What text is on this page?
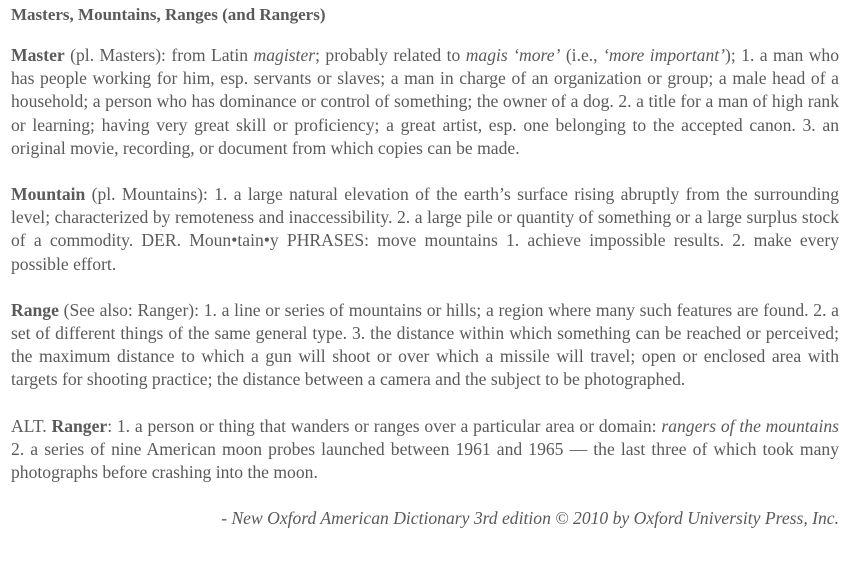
Masters, Mountains, Ranges (and Rangers)

Master (pl. Masters): from Latin magister; probably related to magis ‘more’ (i.e., ‘more important’); 1. a man who has people working for him, esp. servants or slaves; a man in charge of an organization or group; a male head of a household; a person who has dominance or control of something; the owner of a dog. 2. a title for a man of high rank or learning; having very great skill or proficiency; a great artist, esp. one belonging to the accepted canon. 3. an original movie, recording, or document from which copies can be made.

Mountain (pl. Mountains): 1. a large natural elevation of the earth’s surface rising abruptly from the surrounding level; characterized by remoteness and inaccessibility. 2. a large pile or quantity of something or a large surplus stock of a commodity. DER. Moun•tain•y PHRASES: move mountains 1. achieve impossible results. 2. make every possible effort.

Range (See also: Ranger): 1. a line or series of mountains or hills; a region where many such features are found. 2. a set of different things of the same general type. 3. the distance within which something can be reached or perceived; the maximum distance to which a gun will shoot or over which a missile will travel; open or enclosed area with targets for shooting practice; the distance between a camera and the subject to be photographed.

ALT. Ranger: 1. a person or thing that wanders or ranges over a particular area or domain: rangers of the mountains 2. a series of nine American moon probes launched between 1961 and 1965 — the last three of which took many photographs before crashing into the moon.

- New Oxford American Dictionary 3rd edition © 2010 by Oxford University Press, Inc.
